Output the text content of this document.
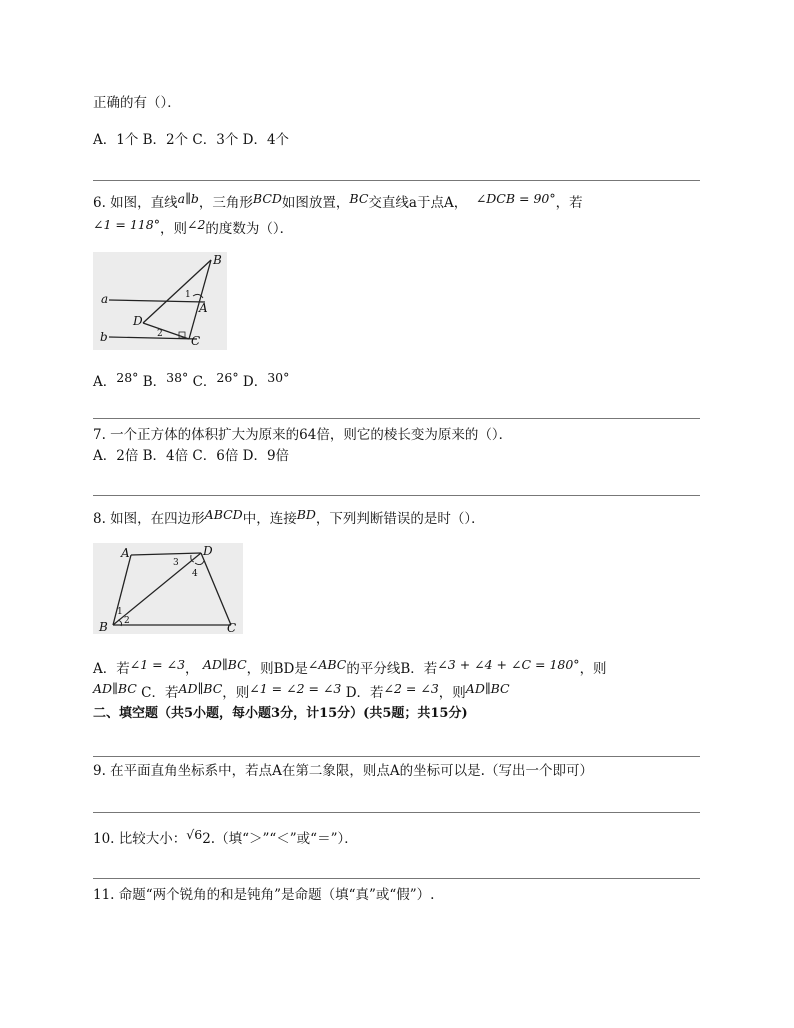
正确的有（）．
A．1个 B．2个 C．3个 D．4个
6. 如图，直线a∥b，三角形BCD如图放置，BC交直线a于点A， ∠DCB = 90°，若
∠1 = 118°，则∠2的度数为（）．
B
a	1
A
D
b	2 C
A．28° B．38° C．26° D．30°
7. 一个正方体的体积扩大为原来的64倍，则它的棱长变为原来的（）．
A．2倍 B．4倍 C．6倍 D．9倍
8. 如图，在四边形ABCD中，连接BD，下列判断错误的是时（）．
A	D
3
4
1
B 2	C
A．若∠1 = ∠3， AD∥BC，则BD是∠ABC的平分线B．若∠3 + ∠4 + ∠C = 180°，则
AD∥BC C．若AD∥BC，则∠1 = ∠2 = ∠3 D．若∠2 = ∠3，则AD∥BC
二、填空题（共5小题，每小题3分，计15分）(共5题；共15分)
9. 在平面直角坐标系中，若点A在第二象限，则点A的坐标可以是.（写出一个即可）
10. 比较大小：√62.（填“＞”“＜”或“＝”）．
11. 命题“两个锐角的和是钝角”是命题（填“真”或“假”）.
